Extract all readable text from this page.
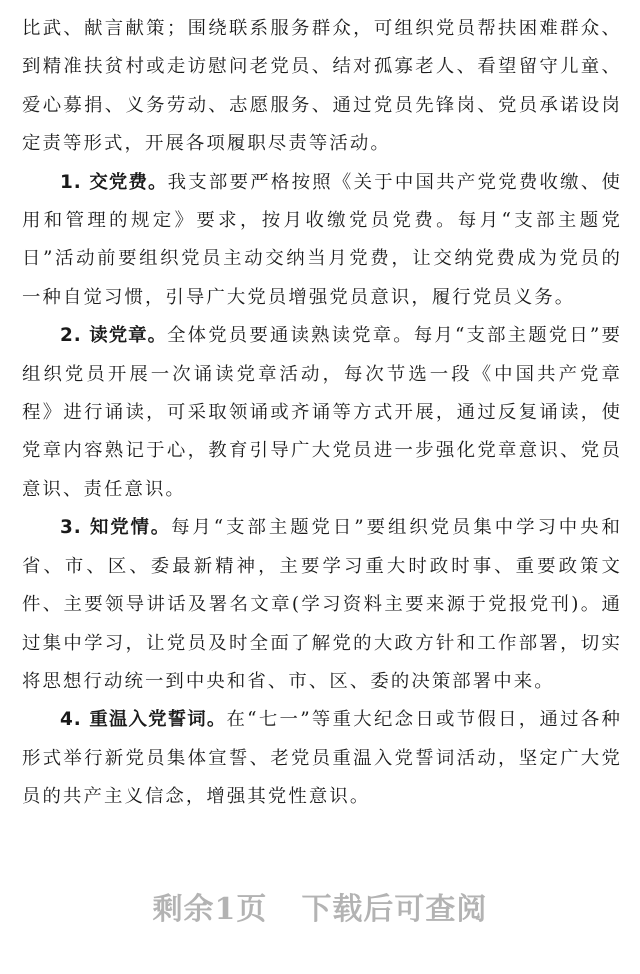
比武、献言献策；围绕联系服务群众，可组织党员帮扶困难群众、到精准扶贫村或走访慰问老党员、结对孤寡老人、看望留守儿童、爱心募捐、义务劳动、志愿服务、通过党员先锋岗、党员承诺设岗定责等形式，开展各项履职尽责等活动。

1. 交党费。我支部要严格按照《关于中国共产党党费收缴、使用和管理的规定》要求，按月收缴党员党费。每月“支部主题党日”活动前要组织党员主动交纳当月党费，让交纳党费成为党员的一种自觉习惯，引导广大党员增强党员意识，履行党员义务。

2. 读党章。全体党员要通读熟读党章。每月“支部主题党日”要组织党员开展一次诵读党章活动，每次节选一段《中国共产党章程》进行诵读，可采取领诵或齐诵等方式开展，通过反复诵读，使党章内容熟记于心，教育引导广大党员进一步强化党章意识、党员意识、责任意识。

3. 知党情。每月“支部主题党日”要组织党员集中学习中央和省、市、区、委最新精神，主要学习重大时政时事、重要政策文件、主要领导讲话及署名文章(学习资料主要来源于党报党刊)。通过集中学习，让党员及时全面了解党的大政方针和工作部署，切实将思想行动统一到中央和省、市、区、委的决策部署中来。

4. 重温入党誓词。在“七一”等重大纪念日或节假日，通过各种形式举行新党员集体宣誓、老党员重温入党誓词活动，坚定广大党员的共产主义信念，增强其党性意识。

剩余1页 下载后可查阅
